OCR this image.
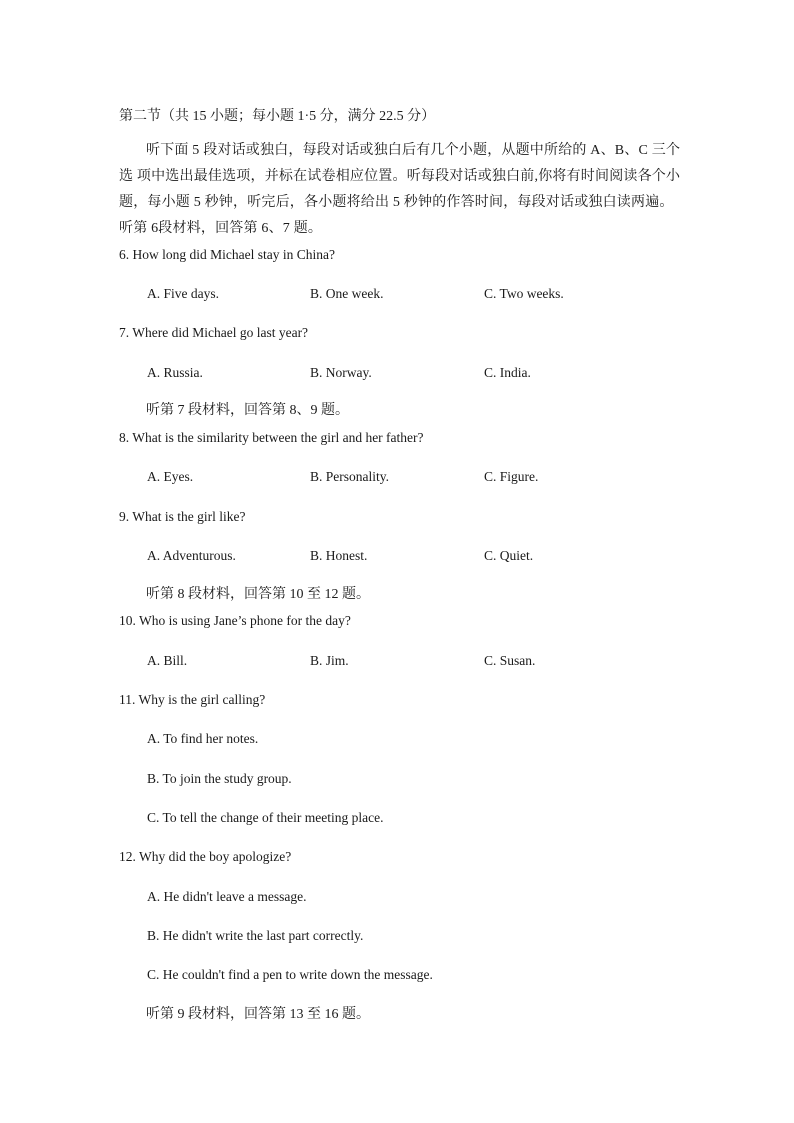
第二节（共 15 小题；每小题 1·5 分，满分 22.5 分）
听下面 5 段对话或独白，每段对话或独白后有几个小题，从题中所给的 A、B、C 三个
选 项中选出最佳选项，并标在试卷相应位置。听每段对话或独白前,你将有时间阅读各个小
题，每小题 5 秒钟，听完后，各小题将给出 5 秒钟的作答时间，每段对话或独白读两遍。
听第 6段材料，回答第 6、7 题。
6. How long did Michael stay in China?
A. Five days.	B. One week.	C. Two weeks.
7. Where did Michael go last year?
A. Russia.	B. Norway.	C. India.
听第 7 段材料，回答第 8、9 题。
8. What is the similarity between the girl and her father?
A. Eyes.	B. Personality.	C. Figure.
9. What is the girl like?
A. Adventurous.	B. Honest.	C. Quiet.
听第 8 段材料，回答第 10 至 12 题。
10. Who is using Jane’s phone for the day?
A. Bill.	B. Jim.	C. Susan.
11. Why is the girl calling?
A. To find her notes.
B. To join the study group.
C. To tell the change of their meeting place.
12. Why did the boy apologize?
A. He didn't leave a message.
B. He didn't write the last part correctly.
C. He couldn't find a pen to write down the message.
听第 9 段材料，回答第 13 至 16 题。
